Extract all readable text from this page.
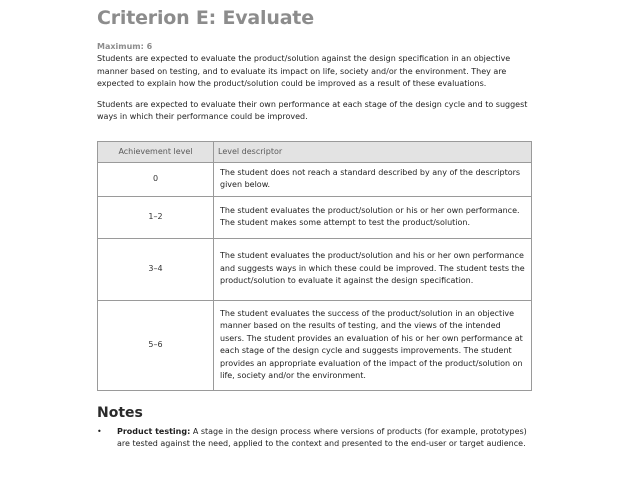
Criterion E: Evaluate
Maximum: 6

Students are expected to evaluate the product/solution against the design specification in an objective manner based on testing, and to evaluate its impact on life, society and/or the environment. They are expected to explain how the product/solution could be improved as a result of these evaluations.

Students are expected to evaluate their own performance at each stage of the design cycle and to suggest ways in which their performance could be improved.

Achievement level	Level descriptor
0	The student does not reach a standard described by any of the descriptors given below.
1–2	The student evaluates the product/solution or his or her own performance. The student makes some attempt to test the product/solution.
3–4	The student evaluates the product/solution and his or her own performance and suggests ways in which these could be improved. The student tests the product/solution to evaluate it against the design specification.
5–6	The student evaluates the success of the product/solution in an objective manner based on the results of testing, and the views of the intended users. The student provides an evaluation of his or her own performance at each stage of the design cycle and suggests improvements. The student provides an appropriate evaluation of the impact of the product/solution on life, society and/or the environment.
Notes
• Product testing: A stage in the design process where versions of products (for example, prototypes) are tested against the need, applied to the context and presented to the end-user or target audience.
